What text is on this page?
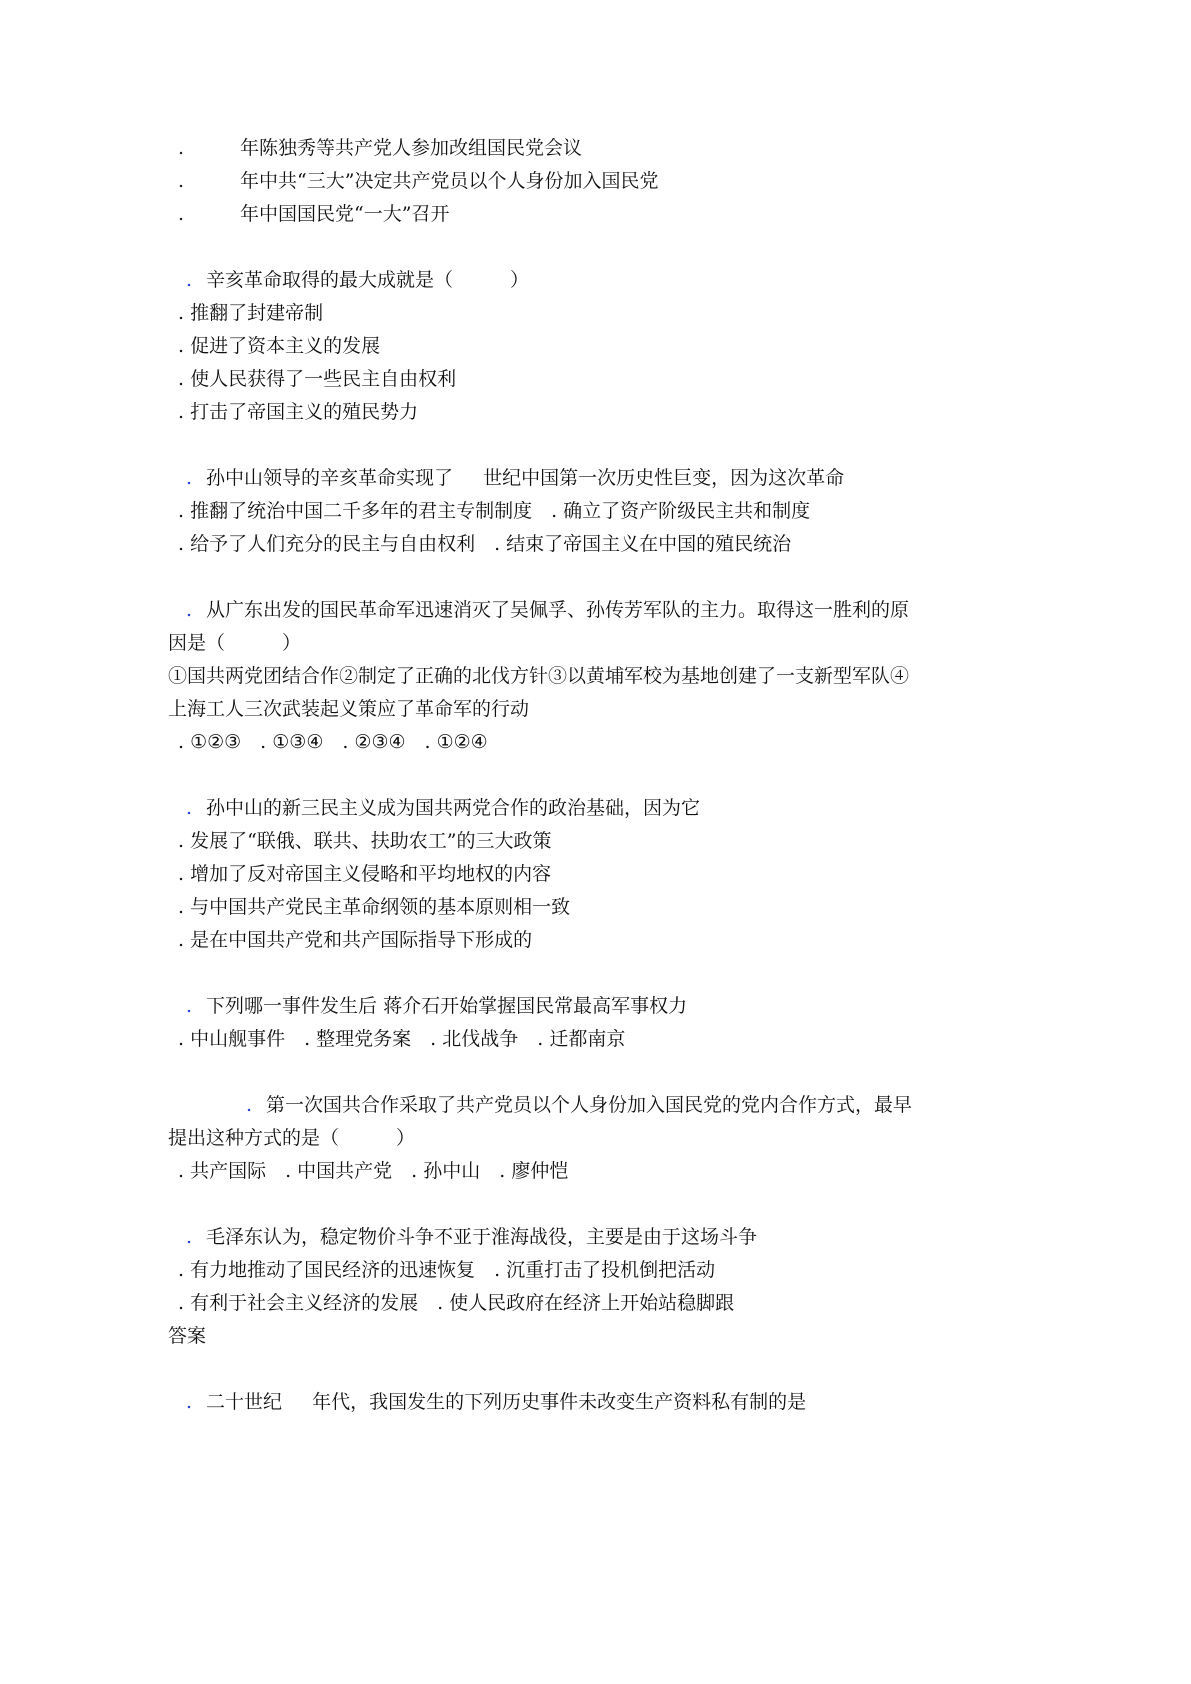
.	年陈独秀等共产党人参加改组国民党会议
.	年中共“三大”决定共产党员以个人身份加入国民党
.	年中国国民党“一大”召开
. 辛亥革命取得的最大成就是（　　　）
. 推翻了封建帝制
. 促进了资本主义的发展
. 使人民获得了一些民主自由权利
. 打击了帝国主义的殖民势力
. 孙中山领导的辛亥革命实现了 世纪中国第一次历史性巨变，因为这次革命
. 推翻了统治中国二千多年的君主专制制度　. 确立了资产阶级民主共和制度
. 给予了人们充分的民主与自由权利　. 结束了帝国主义在中国的殖民统治
. 从广东出发的国民革命军迅速消灭了吴佩孚、孙传芳军队的主力。取得这一胜利的原
因是（　　　）
①国共两党团结合作②制定了正确的北伐方针③以黄埔军校为基地创建了一支新型军队④
上海工人三次武装起义策应了革命军的行动
. ①②③　. ①③④　. ②③④　. ①②④
. 孙中山的新三民主义成为国共两党合作的政治基础，因为它
. 发展了“联俄、联共、扶助农工”的三大政策
. 增加了反对帝国主义侵略和平均地权的内容
. 与中国共产党民主革命纲领的基本原则相一致
. 是在中国共产党和共产国际指导下形成的
. 下列哪一事件发生后 蒋介石开始掌握国民常最高军事权力
. 中山舰事件　. 整理党务案　. 北伐战争　. 迁都南京
. 第一次国共合作采取了共产党员以个人身份加入国民党的党内合作方式，最早
提出这种方式的是（　　　）
. 共产国际　. 中国共产党　. 孙中山　. 廖仲恺
. 毛泽东认为，稳定物价斗争不亚于淮海战役，主要是由于这场斗争
. 有力地推动了国民经济的迅速恢复　. 沉重打击了投机倒把活动
. 有利于社会主义经济的发展　. 使人民政府在经济上开始站稳脚跟
答案
. 二十世纪 年代，我国发生的下列历史事件未改变生产资料私有制的是
